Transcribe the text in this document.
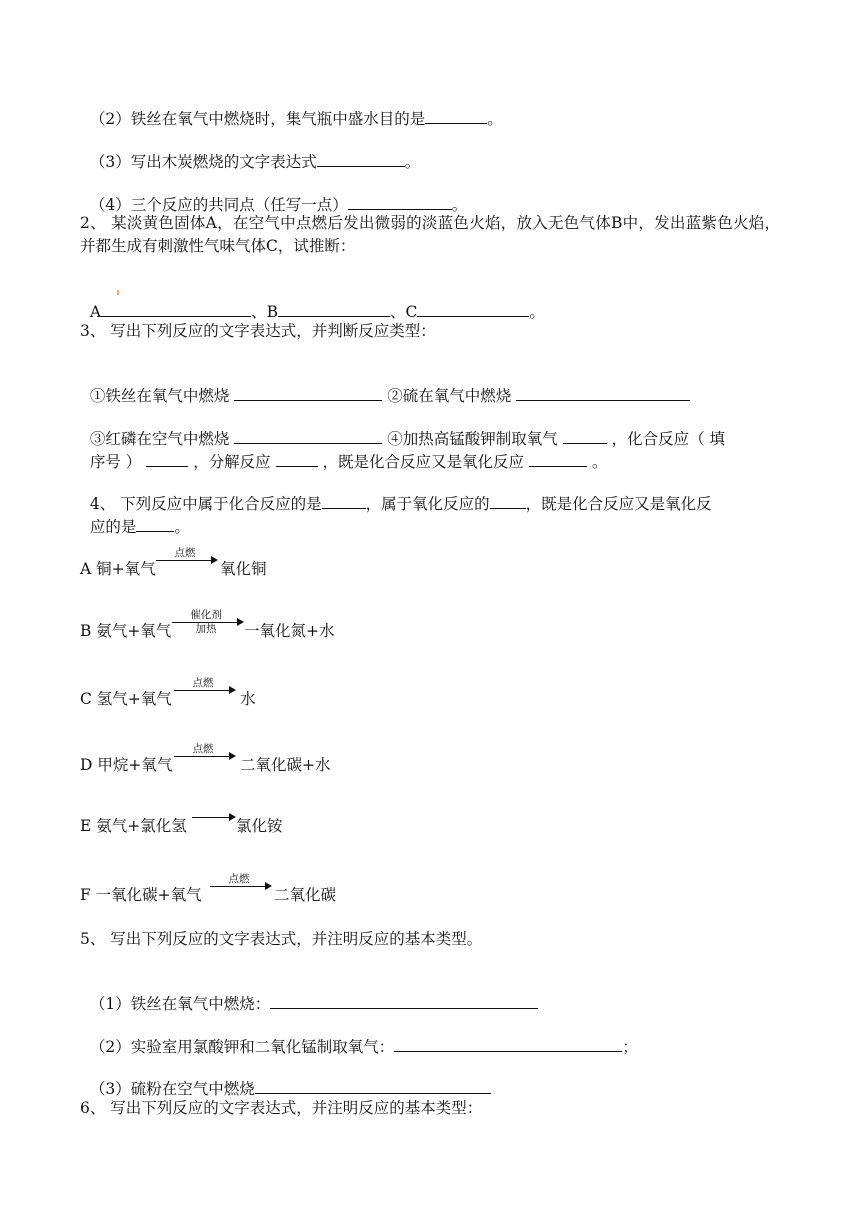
（2）铁丝在氧气中燃烧时，集气瓶中盛水目的是	。

（3）写出木炭燃烧的文字表达式	。

（4）三个反应的共同点（任写一点）	。

2、 某淡黄色固体A，在空气中点燃后发出微弱的淡蓝色火焰，放入无色气体B中，发出蓝紫色火焰，并都生成有刺激性气味气体C，试推断：

A	、B	、C	。

3、 写出下列反应的文字表达式，并判断反应类型：

①铁丝在氧气中燃烧	②硫在氧气中燃烧

③红磷在空气中燃烧	④加热高锰酸钾制取氧气	，化合反应（ 填

序号 ）	，分解反应	，既是化合反应又是氧化反应	。

4、 下列反应中属于化合反应的是	，属于氧化反应的 ，既是化合反应又是氧化反

应的是 。

A 铜+氧气
点燃
氧化铜
B 氨气+氧气
催化剂
加热	一氧化氮+水
C 氢气+氧气
点燃
水
D 甲烷+氧气
点燃
二氧化碳+水
E 氨气+氯化氢	氯化铵
F 一氧化碳+氧气
点燃
二氧化碳
5、 写出下列反应的文字表达式，并注明反应的基本类型。

（1）铁丝在氧气中燃烧：

（2）实验室用氯酸钾和二氧化锰制取氧气：	；

（3）硫粉在空气中燃烧

6、 写出下列反应的文字表达式，并注明反应的基本类型：
